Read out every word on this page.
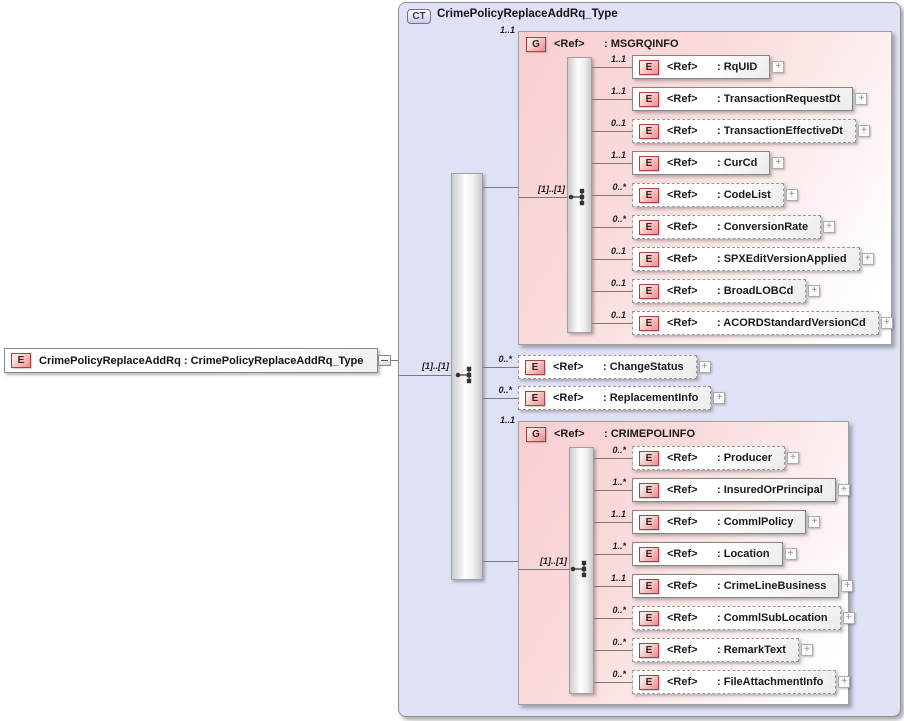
E	CrimePolicyReplaceAddRq : CrimePolicyReplaceAddRq_Type
CT CrimePolicyReplaceAddRq_Type
[1]..[1]
1..1
1..1
G	<Ref>	: MSGRQINFO
[1]..[1]
1..1
E	<Ref>	: RqUID	+
1..1
E	<Ref>	: TransactionRequestDt	+
0..1
E	<Ref>	: TransactionEffectiveDt	+
1..1
E	<Ref>	: CurCd	+
0..*
E	<Ref>	: CodeList	+
0..*
E	<Ref>	: ConversionRate	+
0..1
E	<Ref>	: SPXEditVersionApplied	+
0..1
E	<Ref>	: BroadLOBCd	+
0..1
E	<Ref>	: ACORDStandardVersionCd	+
G	<Ref>	: CRIMEPOLINFO
[1]..[1]
0..*
E	<Ref>	: Producer	+
1..*
E	<Ref>	: InsuredOrPrincipal	+
1..1
E	<Ref>	: CommlPolicy	+
1..*
E	<Ref>	: Location	+
1..1
E	<Ref>	: CrimeLineBusiness	+
0..*
E	<Ref>	: CommlSubLocation	+
0..*
E	<Ref>	: RemarkText	+
0..*
E	<Ref>	: FileAttachmentInfo	+
0..*
E	<Ref>	: ChangeStatus	+
0..*
E	<Ref>	: ReplacementInfo	+
